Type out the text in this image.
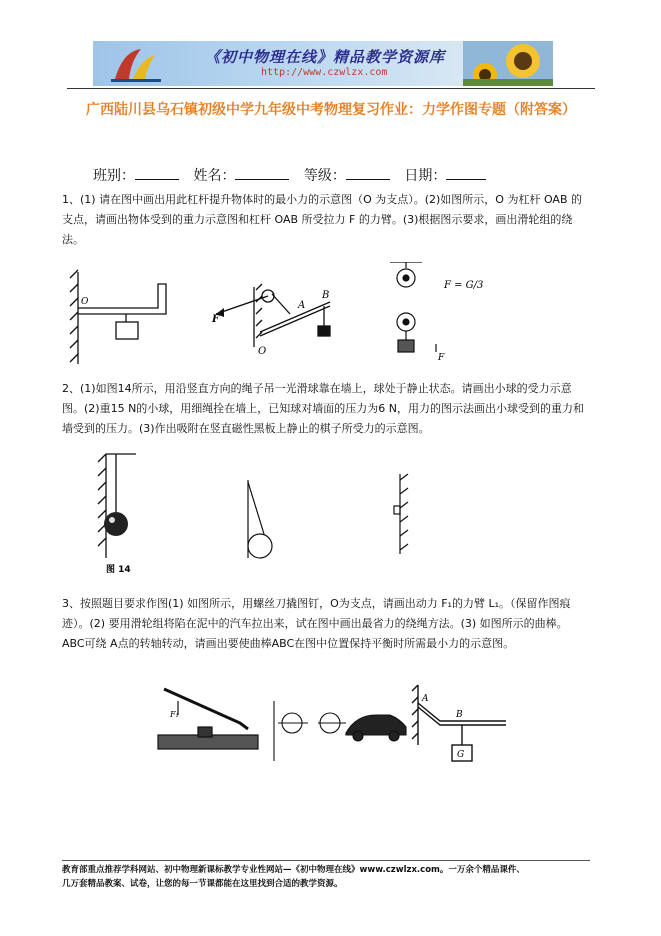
《初中物理在线》精品教学资源库
http://www.czwlzx.com
广西陆川县乌石镇初级中学九年级中考物理复习作业：力学作图专题（附答案）
班别：	姓名：	等级：	日期：
1、(1) 请在图中画出用此杠杆提升物体时的最小力的示意图（O 为支点）。(2)如图所示，O 为杠杆 OAB 的支点，请画出物体受到的重力示意图和杠杆 OAB 所受拉力 F 的力臂。(3)根据图示要求，画出滑轮组的绕法。
O
F
A
B
O
F = G/3
F
2、(1)如图14所示，用沿竖直方向的绳子吊一光滑球靠在墙上，球处于静止状态。请画出小球的受力示意图。(2)重15 N的小球，用细绳拴在墙上，已知球对墙面的压力为6 N，用力的图示法画出小球受到的重力和墙受到的压力。(3)作出吸附在竖直磁性黑板上静止的棋子所受力的示意图。
图 14
3、按照题目要求作图(1) 如图所示，用螺丝刀撬图钉，O为支点，请画出动力 F₁的力臂 L₁。（保留作图痕迹）。(2) 要用滑轮组将陷在泥中的汽车拉出来，试在图中画出最省力的绕绳方法。(3) 如图所示的曲棒。ABC可绕 A点的转轴转动，请画出要使曲棒ABC在图中位置保持平衡时所需最小力的示意图。
F₁
A
B
G
教育部重点推荐学科网站、初中物理新课标教学专业性网站—《初中物理在线》www.czwlzx.com。一万余个精品课件、
几万套精品教案、试卷，让您的每一节课都能在这里找到合适的教学资源。
